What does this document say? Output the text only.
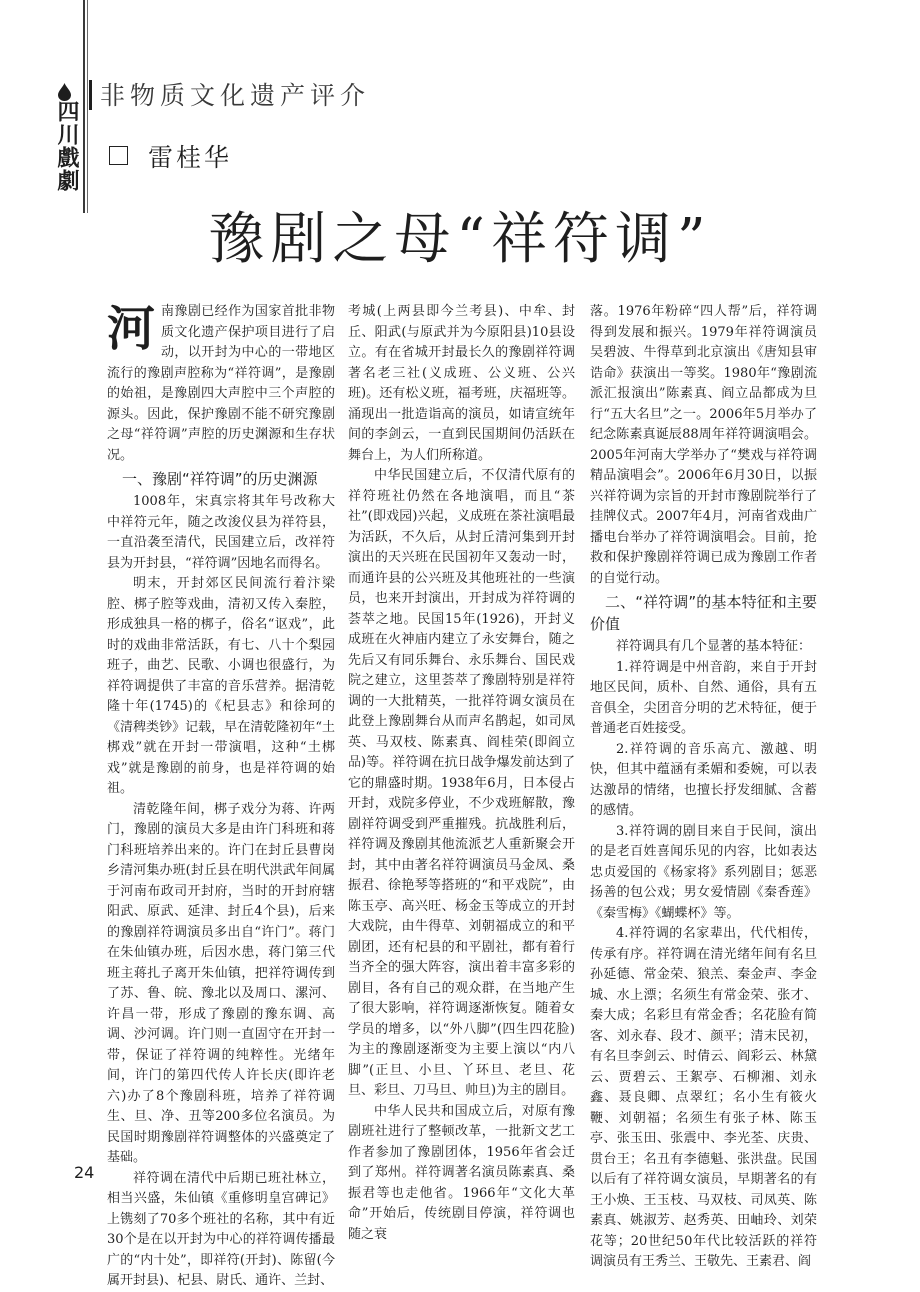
四川戲劇
非物质文化遗产评介
雷桂华
豫剧之母“祥符调”
河 南豫剧已经作为国家首批非物质文化遗产保护项目进行了启动，以开封为中心的一带地区流行的豫剧声腔称为“祥符调”，是豫剧的始祖，是豫剧四大声腔中三个声腔的源头。因此，保护豫剧不能不研究豫剧之母“祥符调”声腔的历史渊源和生存状况。

一、豫剧“祥符调”的历史渊源

1008年，宋真宗将其年号改称大中祥符元年，随之改浚仪县为祥符县，一直沿袭至清代，民国建立后，改祥符县为开封县，“祥符调”因地名而得名。

明末，开封郊区民间流行着汴梁腔、梆子腔等戏曲，清初又传入秦腔，形成独具一格的梆子，俗名“讴戏”，此时的戏曲非常活跃，有七、八十个梨园班子，曲艺、民歌、小调也很盛行，为祥符调提供了丰富的音乐营养。据清乾隆十年(1745)的《杞县志》和徐珂的《清稗类钞》记载，早在清乾隆初年“土梆戏”就在开封一带演唱，这种“土梆戏”就是豫剧的前身，也是祥符调的始祖。

清乾隆年间，梆子戏分为蒋、许两门，豫剧的演员大多是由许门科班和蒋门科班培养出来的。许门在封丘县曹岗乡清河集办班(封丘县在明代洪武年间属于河南布政司开封府，当时的开封府辖阳武、原武、延津、封丘4个县)，后来的豫剧祥符调演员多出自“许门”。蒋门在朱仙镇办班，后因水患，蒋门第三代班主蒋扎子离开朱仙镇，把祥符调传到了苏、鲁、皖、豫北以及周口、漯河、许昌一带，形成了豫剧的豫东调、高调、沙河调。许门则一直固守在开封一带，保证了祥符调的纯粹性。光绪年间，许门的第四代传人许长庆(即许老六)办了8个豫剧科班，培养了祥符调生、旦、净、丑等200多位名演员。为民国时期豫剧祥符调整体的兴盛奠定了基础。

祥符调在清代中后期已班社林立，相当兴盛，朱仙镇《重修明皇宫碑记》上镌刻了70多个班社的名称，其中有近30个是在以开封为中心的祥符调传播最广的“内十处”，即祥符(开封)、陈留(今属开封县)、杞县、尉氏、通许、兰封、

考城(上两县即今兰考县)、中牟、封丘、阳武(与原武并为今原阳县)10县设立。有在省城开封最长久的豫剧祥符调著名老三社(义成班、公义班、公兴班)。还有松义班，福考班，庆福班等。涌现出一批造诣高的演员，如请宣统年间的李剑云，一直到民国期间仍活跃在舞台上，为人们所称道。

中华民国建立后，不仅清代原有的祥符班社仍然在各地演唱，而且“茶社”(即戏园)兴起，义成班在茶社演唱最为活跃，不久后，从封丘清河集到开封演出的天兴班在民国初年又轰动一时，而通许县的公兴班及其他班社的一些演员，也来开封演出，开封成为祥符调的荟萃之地。民国15年(1926)，开封义成班在火神庙内建立了永安舞台，随之先后又有同乐舞台、永乐舞台、国民戏院之建立，这里荟萃了豫剧特别是祥符调的一大批精英，一批祥符调女演员在此登上豫剧舞台从而声名鹊起，如司凤英、马双枝、陈素真、阎桂荣(即阎立品)等。祥符调在抗日战争爆发前达到了它的鼎盛时期。1938年6月，日本侵占开封，戏院多停业，不少戏班解散，豫剧祥符调受到严重摧残。抗战胜利后，祥符调及豫剧其他流派艺人重新聚会开封，其中由著名祥符调演员马金凤、桑振君、徐艳琴等搭班的“和平戏院”，由陈玉亭、高兴旺、杨金玉等成立的开封大戏院，由牛得草、刘朝福成立的和平剧团，还有杞县的和平剧社，都有着行当齐全的强大阵容，演出着丰富多彩的剧目，各有自己的观众群，在当地产生了很大影响，祥符调逐渐恢复。随着女学员的增多，以“外八脚”(四生四花脸)为主的豫剧逐渐变为主要上演以“内八脚”(正旦、小旦、丫环旦、老旦、花旦、彩旦、刀马旦、帅旦)为主的剧目。

中华人民共和国成立后，对原有豫剧班社进行了整顿改革，一批新文艺工作者参加了豫剧团体，1956年省会迁到了郑州。祥符调著名演员陈素真、桑振君等也走他省。1966年“文化大革命”开始后，传统剧目停演，祥符调也随之衰

落。1976年粉碎“四人帮”后，祥符调得到发展和振兴。1979年祥符调演员吴碧波、牛得草到北京演出《唐知县审诰命》获演出一等奖。1980年“豫剧流派汇报演出”陈素真、阎立品都成为旦行“五大名旦”之一。2006年5月举办了纪念陈素真诞辰88周年祥符调演唱会。2005年河南大学举办了“樊戏与祥符调精品演唱会”。2006年6月30日，以振兴祥符调为宗旨的开封市豫剧院举行了挂牌仪式。2007年4月，河南省戏曲广播电台举办了祥符调演唱会。目前，抢救和保护豫剧祥符调已成为豫剧工作者的自觉行动。

二、“祥符调”的基本特征和主要价值

祥符调具有几个显著的基本特征：

1.祥符调是中州音韵，来自于开封地区民间，质朴、自然、通俗，具有五音俱全，尖团音分明的艺术特征，便于普通老百姓接受。

2.祥符调的音乐高亢、激越、明快，但其中蕴涵有柔媚和委婉，可以表达激昂的情绪，也擅长抒发细腻、含蓄的感情。

3.祥符调的剧目来自于民间，演出的是老百姓喜闻乐见的内容，比如表达忠贞爱国的《杨家将》系列剧目；惩恶扬善的包公戏；男女爱情剧《秦香莲》《秦雪梅》《蝴蝶杯》等。

4.祥符调的名家辈出，代代相传，传承有序。祥符调在清光绪年间有名旦孙延德、常金荣、狼羔、秦金声、李金城、水上漂；名须生有常金荣、张才、秦大成；名彩旦有常金香；名花脸有简客、刘永春、段才、颜平；清末民初，有名旦李剑云、时倩云、阎彩云、林黛云、贾碧云、王絮亭、石柳湘、刘永鑫、聂良卿、点翠红；名小生有筱火鞭、刘朝福；名须生有张子林、陈玉亭、张玉田、张震中、李光荃、庆贵、贯台王；名丑有李德魁、张洪盘。民国以后有了祥符调女演员，早期著名的有王小焕、王玉枝、马双枝、司凤英、陈素真、姚淑芳、赵秀英、田岫玲、刘荣花等；20世纪50年代比较活跃的祥符调演员有王秀兰、王敬先、王素君、阎

24
